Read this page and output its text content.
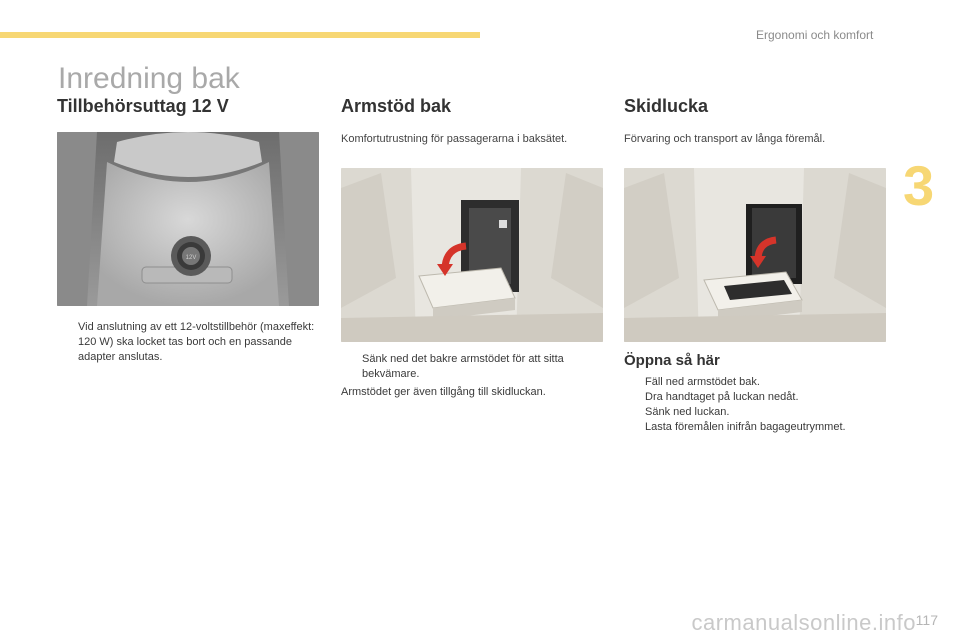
Ergonomi och komfort
3
Inredning bak
Tillbehörsuttag 12 V
12V
Vid anslutning av ett 12-voltstillbehör (maxeffekt: 120 W) ska locket tas bort och en passande adapter anslutas.
Armstöd bak

Komfortutrustning för passagerarna i baksätet.

Sänk ned det bakre armstödet för att sitta bekvämare.

Armstödet ger även tillgång till skidluckan.

Skidlucka

Förvaring och transport av långa föremål.

Öppna så här
Fäll ned armstödet bak.
Dra handtaget på luckan nedåt.
Sänk ned luckan.
Lasta föremålen inifrån bagageutrymmet.
117
carmanualsonline.info
